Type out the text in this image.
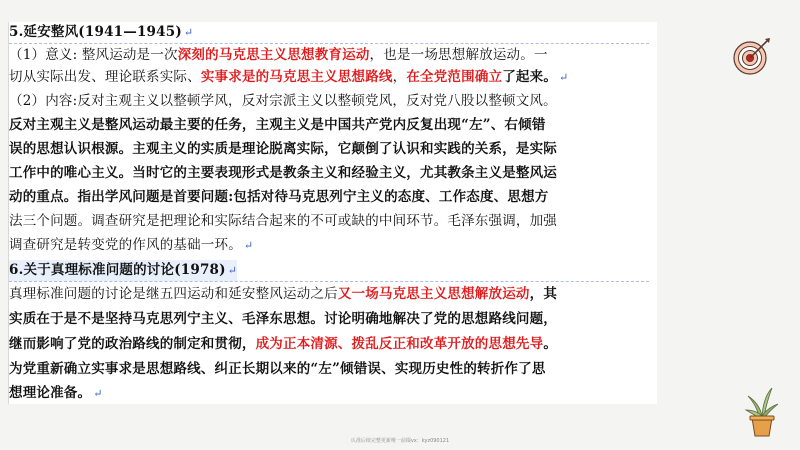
5.延安整风(1941—1945) ↵
（1）意义: 整风运动是一次深刻的马克思主义思想教育运动，也是一场思想解放运动。一
切从实际出发、理论联系实际、实事求是的马克思主义思想路线，在全党范围确立了起来。 ↵
（2）内容:反对主观主义以整顿学风，反对宗派主义以整顿党风，反对党八股以整顿文风。
反对主观主义是整风运动最主要的任务，主观主义是中国共产党内反复出现“左”、右倾错
误的思想认识根源。主观主义的实质是理论脱离实际，它颠倒了认识和实践的关系，是实际
工作中的唯心主义。当时它的主要表现形式是教条主义和经验主义，尤其教条主义是整风运
动的重点。指出学风问题是首要问题:包括对待马克思列宁主义的态度、工作态度、思想方
法三个问题。调查研究是把理论和实际结合起来的不可或缺的中间环节。毛泽东强调，加强
调查研究是转变党的作风的基础一环。 ↵
6.关于真理标准问题的讨论(1978) ↵
真理标准问题的讨论是继五四运动和延安整风运动之后又一场马克思主义思想解放运动，其
实质在于是不是坚持马克思列宁主义、毛泽东思想。讨论明确地解决了党的思想路线问题，
继而影响了党的政治路线的制定和贯彻，成为正本清源、拨乱反正和改革开放的思想先导。
为党重新确立实事求是思想路线、纠正长期以来的“左”倾错误、实现历史性的转折作了思
想理论准备。 ↵
认准后续完整更新唯一前缀vx：kyz090121
